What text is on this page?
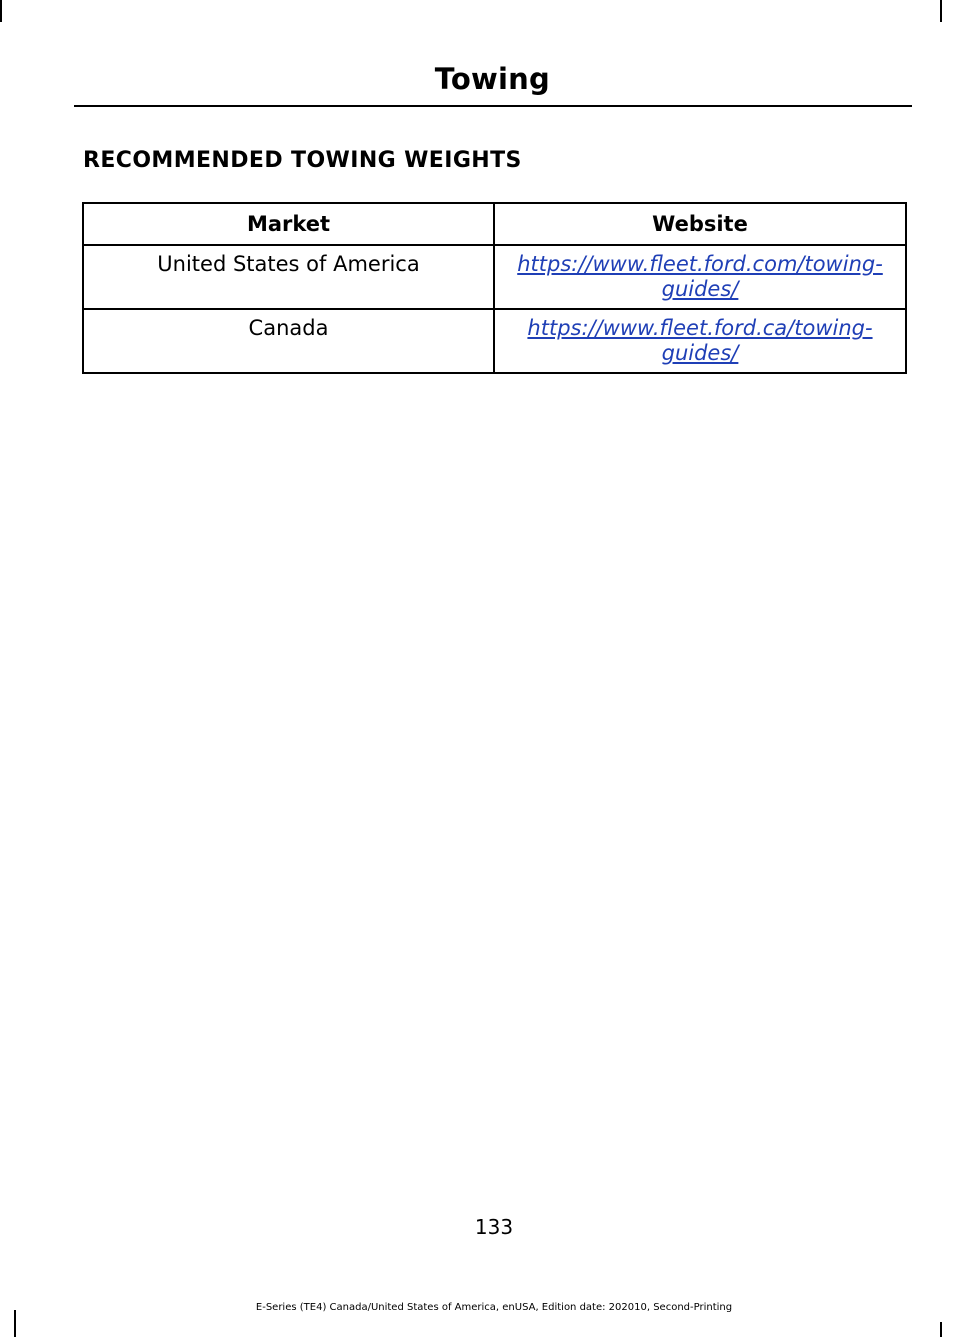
Towing
RECOMMENDED TOWING WEIGHTS
Market	Website
United States of America	https://www.fleet.ford.com/towing-guides/
Canada	https://www.fleet.ford.ca/towing-guides/

133

E-Series (TE4) Canada/United States of America, enUSA, Edition date: 202010, Second-Printing
